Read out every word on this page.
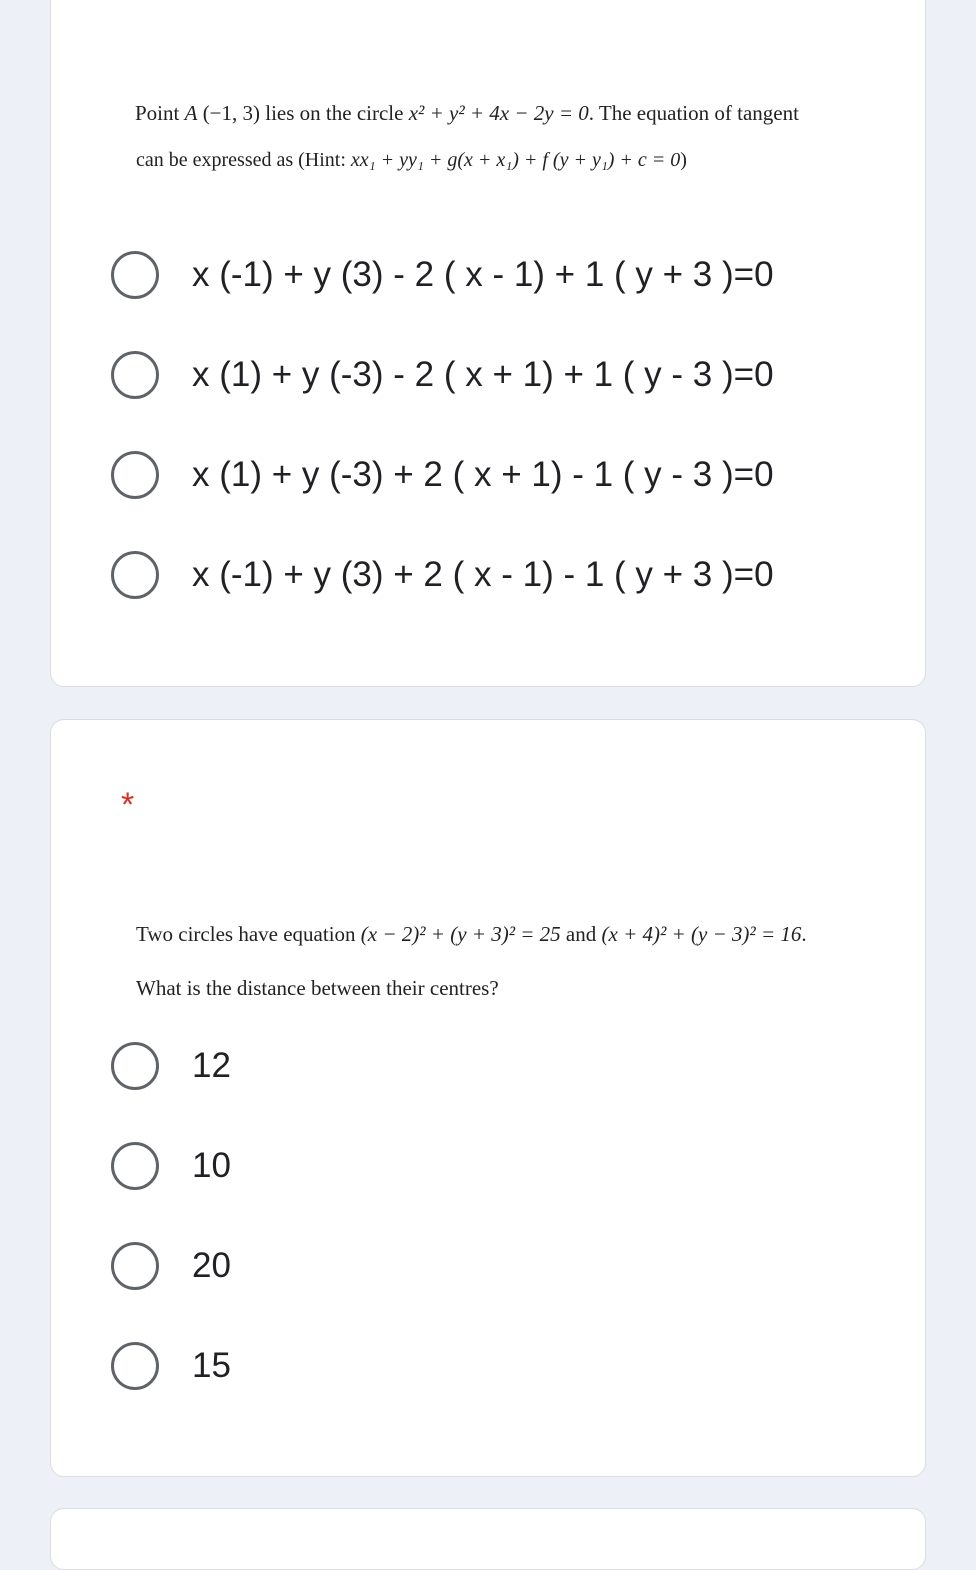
Point A (−1, 3) lies on the circle x² + y² + 4x − 2y = 0. The equation of tangent
can be expressed as (Hint: xx₁ + yy₁ + g(x + x₁) + f (y + y₁) + c = 0)
x (-1) + y (3) - 2 ( x - 1) + 1 ( y + 3 )=0
x (1) + y (-3) - 2 ( x + 1) + 1 ( y - 3 )=0
x (1) + y (-3) + 2 ( x + 1) - 1 ( y - 3 )=0
x (-1) + y (3) + 2 ( x - 1) - 1 ( y + 3 )=0
*
Two circles have equation (x − 2)² + (y + 3)² = 25 and (x + 4)² + (y − 3)² = 16.
What is the distance between their centres?
12
10
20
15
